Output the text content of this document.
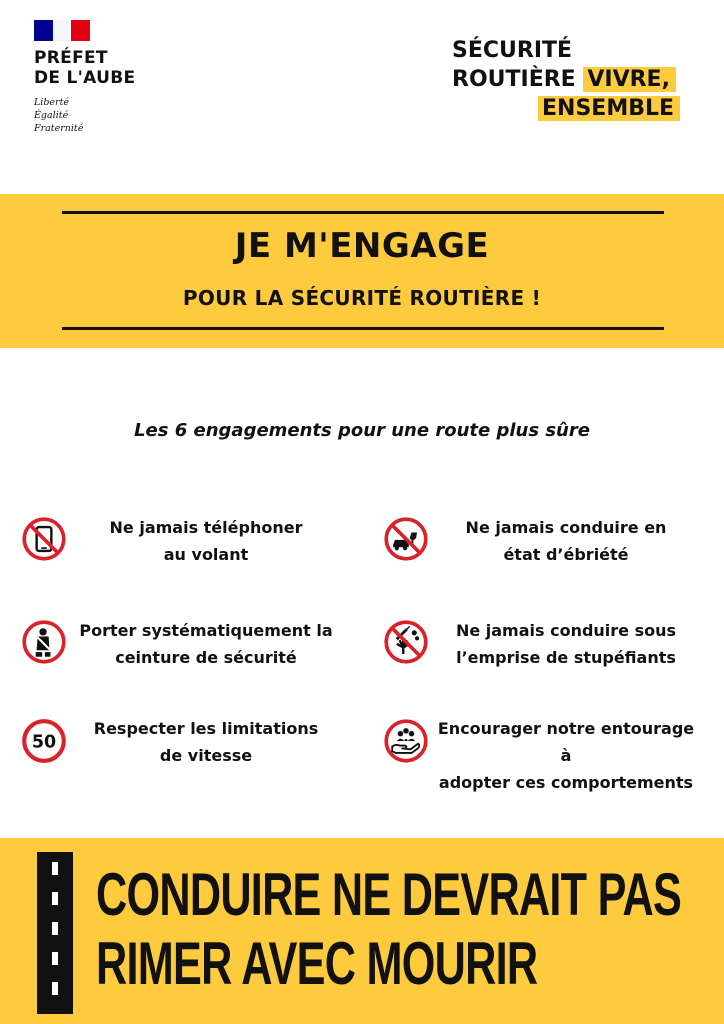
PRÉFET
DE L'AUBE
Liberté
Égalité
Fraternité
SÉCURITÉ
ROUTIÈRE VIVRE,
ENSEMBLE
JE M'ENGAGE
POUR LA SÉCURITÉ ROUTIÈRE !
Les 6 engagements pour une route plus sûre
Ne jamais téléphoner
au volant
Ne jamais conduire en
état d’ébriété
Porter systématiquement la
ceinture de sécurité
Ne jamais conduire sous
l’emprise de stupéfiants
50
Respecter les limitations
de vitesse
Encourager notre entourage à
adopter ces comportements
CONDUIRE NE DEVRAIT PAS
RIMER AVEC MOURIR
